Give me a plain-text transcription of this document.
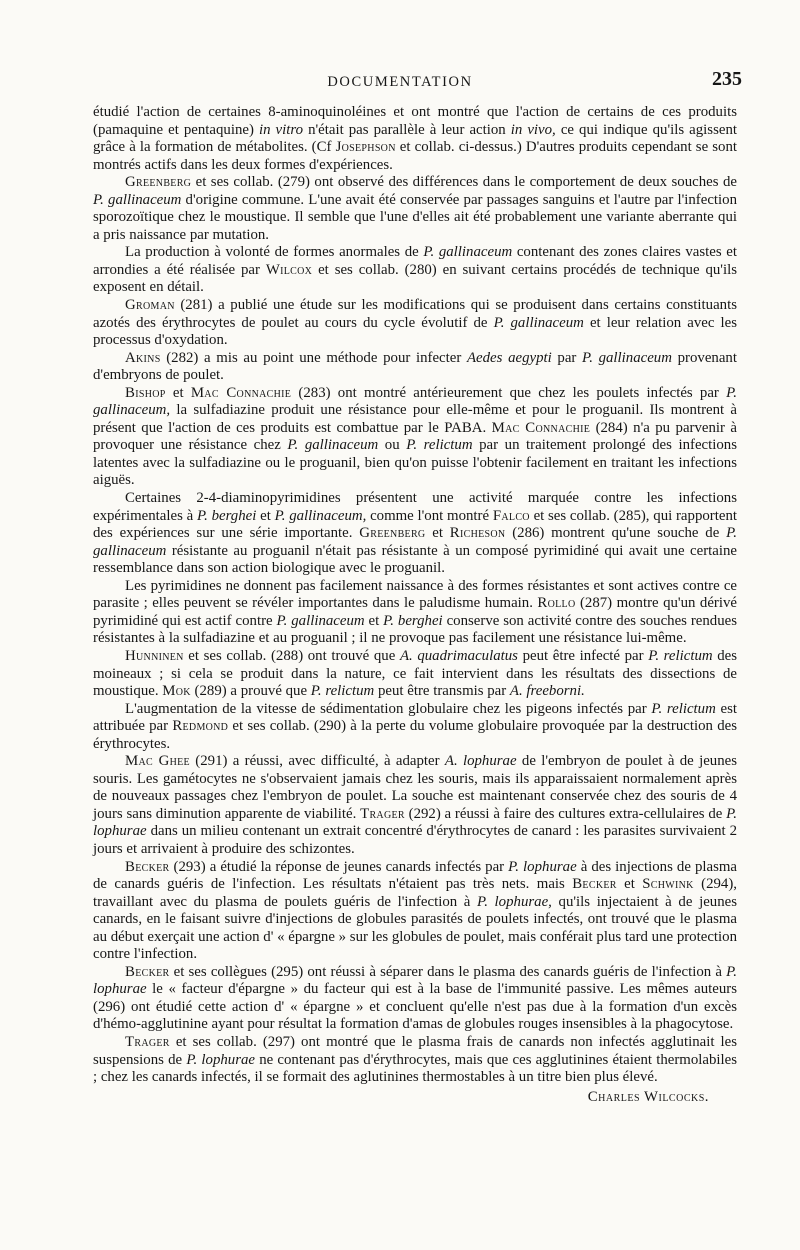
DOCUMENTATION	235

étudié l'action de certaines 8-aminoquinoléines et ont montré que l'action de certains de ces produits (pamaquine et pentaquine) in vitro n'était pas parallèle à leur action in vivo, ce qui indique qu'ils agissent grâce à la formation de métabolites. (Cf Josephson et collab. ci-dessus.) D'autres produits cependant se sont montrés actifs dans les deux formes d'expériences.

Greenberg et ses collab. (279) ont observé des différences dans le comportement de deux souches de P. gallinaceum d'origine commune. L'une avait été conservée par passages sanguins et l'autre par l'infection sporozoïtique chez le moustique. Il semble que l'une d'elles ait été probablement une variante aberrante qui a pris naissance par mutation.

La production à volonté de formes anormales de P. gallinaceum contenant des zones claires vastes et arrondies a été réalisée par Wilcox et ses collab. (280) en suivant certains procédés de technique qu'ils exposent en détail.

Groman (281) a publié une étude sur les modifications qui se produisent dans certains constituants azotés des érythrocytes de poulet au cours du cycle évolutif de P. gallinaceum et leur relation avec les processus d'oxydation.

Akins (282) a mis au point une méthode pour infecter Aedes aegypti par P. gallinaceum provenant d'embryons de poulet.

Bishop et Mac Connachie (283) ont montré antérieurement que chez les poulets infectés par P. gallinaceum, la sulfadiazine produit une résistance pour elle-même et pour le proguanil. Ils montrent à présent que l'action de ces produits est combattue par le PABA. Mac Connachie (284) n'a pu parvenir à provoquer une résistance chez P. gallinaceum ou P. relictum par un traitement prolongé des infections latentes avec la sulfadiazine ou le proguanil, bien qu'on puisse l'obtenir facilement en traitant les infections aiguës.

Certaines 2-4-diaminopyrimidines présentent une activité marquée contre les infections expérimentales à P. berghei et P. gallinaceum, comme l'ont montré Falco et ses collab. (285), qui rapportent des expériences sur une série importante. Greenberg et Richeson (286) montrent qu'une souche de P. gallinaceum résistante au proguanil n'était pas résistante à un composé pyrimidiné qui avait une certaine ressemblance dans son action biologique avec le proguanil.

Les pyrimidines ne donnent pas facilement naissance à des formes résistantes et sont actives contre ce parasite ; elles peuvent se révéler importantes dans le paludisme humain. Rollo (287) montre qu'un dérivé pyrimidiné qui est actif contre P. gallinaceum et P. berghei conserve son activité contre des souches rendues résistantes à la sulfadiazine et au proguanil ; il ne provoque pas facilement une résistance lui-même.

Hunninen et ses collab. (288) ont trouvé que A. quadrimaculatus peut être infecté par P. relictum des moineaux ; si cela se produit dans la nature, ce fait intervient dans les résultats des dissections de moustique. Mok (289) a prouvé que P. relictum peut être transmis par A. freeborni.

L'augmentation de la vitesse de sédimentation globulaire chez les pigeons infectés par P. relictum est attribuée par Redmond et ses collab. (290) à la perte du volume globulaire provoquée par la destruction des érythrocytes.

Mac Ghee (291) a réussi, avec difficulté, à adapter A. lophurae de l'embryon de poulet à de jeunes souris. Les gamétocytes ne s'observaient jamais chez les souris, mais ils apparaissaient normalement après de nouveaux passages chez l'embryon de poulet. La souche est maintenant conservée chez des souris de 4 jours sans diminution apparente de viabilité. Trager (292) a réussi à faire des cultures extra-cellulaires de P. lophurae dans un milieu contenant un extrait concentré d'érythrocytes de canard : les parasites survivaient 2 jours et arrivaient à produire des schizontes.

Becker (293) a étudié la réponse de jeunes canards infectés par P. lophurae à des injections de plasma de canards guéris de l'infection. Les résultats n'étaient pas très nets. mais Becker et Schwink (294), travaillant avec du plasma de poulets guéris de l'infection à P. lophurae, qu'ils injectaient à de jeunes canards, en le faisant suivre d'injections de globules parasités de poulets infectés, ont trouvé que le plasma au début exerçait une action d' « épargne » sur les globules de poulet, mais conférait plus tard une protection contre l'infection.

Becker et ses collègues (295) ont réussi à séparer dans le plasma des canards guéris de l'infection à P. lophurae le « facteur d'épargne » du facteur qui est à la base de l'immunité passive. Les mêmes auteurs (296) ont étudié cette action d' « épargne » et concluent qu'elle n'est pas due à la formation d'un excès d'hémo-agglutinine ayant pour résultat la formation d'amas de globules rouges insensibles à la phagocytose.

Trager et ses collab. (297) ont montré que le plasma frais de canards non infectés agglutinait les suspensions de P. lophurae ne contenant pas d'érythrocytes, mais que ces agglutinines étaient thermolabiles ; chez les canards infectés, il se formait des aglutinines thermostables à un titre bien plus élevé.

Charles Wilcocks.
